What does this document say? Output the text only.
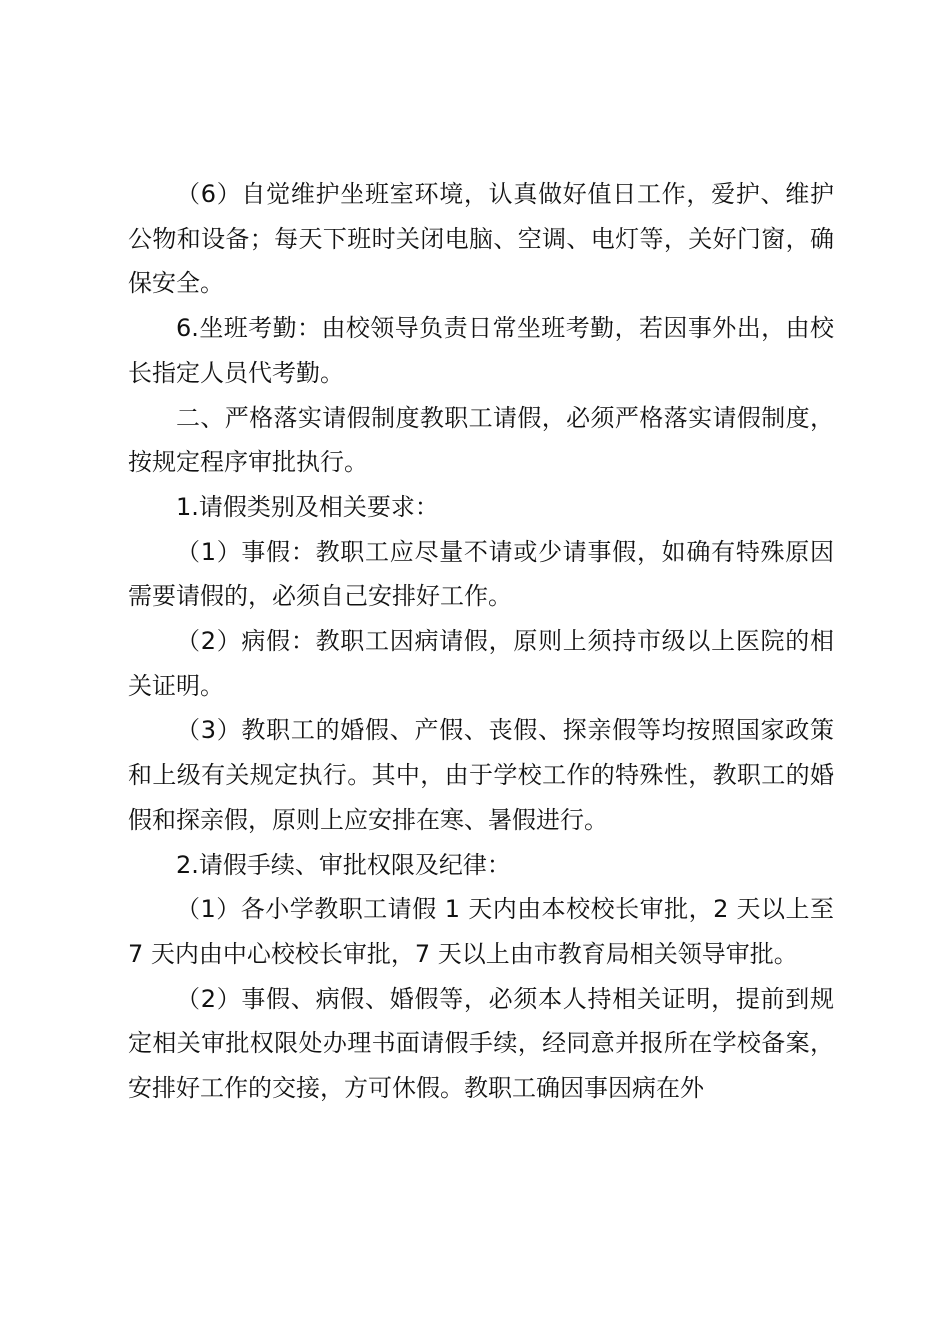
（6）自觉维护坐班室环境，认真做好值日工作，爱护、维护公物和设备；每天下班时关闭电脑、空调、电灯等，关好门窗，确保安全。

6.坐班考勤：由校领导负责日常坐班考勤，若因事外出，由校长指定人员代考勤。

二、严格落实请假制度教职工请假，必须严格落实请假制度，按规定程序审批执行。

1.请假类别及相关要求：

（1）事假：教职工应尽量不请或少请事假，如确有特殊原因需要请假的，必须自己安排好工作。

（2）病假：教职工因病请假，原则上须持市级以上医院的相关证明。

（3）教职工的婚假、产假、丧假、探亲假等均按照国家政策和上级有关规定执行。其中，由于学校工作的特殊性，教职工的婚假和探亲假，原则上应安排在寒、暑假进行。

2.请假手续、审批权限及纪律：

（1）各小学教职工请假 1 天内由本校校长审批，2 天以上至 7 天内由中心校校长审批，7 天以上由市教育局相关领导审批。

（2）事假、病假、婚假等，必须本人持相关证明，提前到规定相关审批权限处办理书面请假手续，经同意并报所在学校备案，安排好工作的交接，方可休假。教职工确因事因病在外
